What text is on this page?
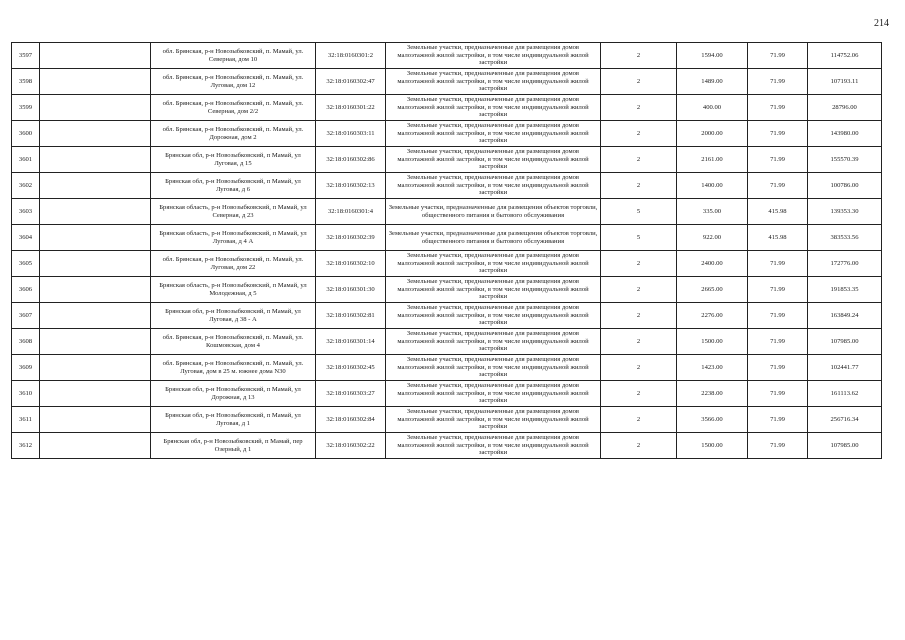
214
3597		обл. Брянская, р-н Новозыбковский, п. Мамай, ул. Северная, дом 10	32:18:0160301:2	Земельные участки, предназначенные для размещения домов малоэтажной жилой застройки, в том числе индивидуальной жилой застройки	2	1594.00	71.99	114752.06
3598		обл. Брянская, р-н Новозыбковский, п. Мамай, ул. Луговая, дом 12	32:18:0160302:47	Земельные участки, предназначенные для размещения домов малоэтажной жилой застройки, в том числе индивидуальной жилой застройки	2	1489.00	71.99	107193.11
3599		обл. Брянская, р-н Новозыбковский, п. Мамай, ул. Северная, дом 2/2	32:18:0160301:22	Земельные участки, предназначенные для размещения домов малоэтажной жилой застройки, в том числе индивидуальной жилой застройки	2	400.00	71.99	28796.00
3600		обл. Брянская, р-н Новозыбковский, п. Мамай, ул. Дорожная, дом 2	32:18:0160303:11	Земельные участки, предназначенные для размещения домов малоэтажной жилой застройки, в том числе индивидуальной жилой застройки	2	2000.00	71.99	143980.00
3601		Брянская обл, р-н Новозыбковский, п Мамай, ул Луговая, д 15	32:18:0160302:86	Земельные участки, предназначенные для размещения домов малоэтажной жилой застройки, в том числе индивидуальной жилой застройки	2	2161.00	71.99	155570.39
3602		Брянская обл, р-н Новозыбковский, п Мамай, ул Луговая, д 6	32:18:0160302:13	Земельные участки, предназначенные для размещения домов малоэтажной жилой застройки, в том числе индивидуальной жилой застройки	2	1400.00	71.99	100786.00
3603		Брянская область, р-н Новозыбковский, п Мамай, ул Северная, д 23	32:18:0160301:4	Земельные участки, предназначенные для размещения объектов торговли, общественного питания и бытового обслуживания	5	335.00	415.98	139353.30
3604		Брянская область, р-н Новозыбковский, п Мамай, ул Луговая, д 4 А	32:18:0160302:39	Земельные участки, предназначенные для размещения объектов торговли, общественного питания и бытового обслуживания	5	922.00	415.98	383533.56
3605		обл. Брянская, р-н Новозыбковский, п. Мамай, ул. Луговая, дом 22	32:18:0160302:10	Земельные участки, предназначенные для размещения домов малоэтажной жилой застройки, в том числе индивидуальной жилой застройки	2	2400.00	71.99	172776.00
3606		Брянская область, р-н Новозыбковский, п Мамай, ул Молодежная, д 5	32:18:0160301:30	Земельные участки, предназначенные для размещения домов малоэтажной жилой застройки, в том числе индивидуальной жилой застройки	2	2665.00	71.99	191853.35
3607		Брянская обл, р-н Новозыбковский, п Мамай, ул Луговая, д 38 - А	32:18:0160302:81	Земельные участки, предназначенные для размещения домов малоэтажной жилой застройки, в том числе индивидуальной жилой застройки	2	2276.00	71.99	163849.24
3608		обл. Брянская, р-н Новозыбковский, п. Мамай, ул. Кошмовская, дом 4	32:18:0160301:14	Земельные участки, предназначенные для размещения домов малоэтажной жилой застройки, в том числе индивидуальной жилой застройки	2	1500.00	71.99	107985.00
3609		обл. Брянская, р-н Новозыбковский, п. Мамай, ул. Луговая, дом в 25 м. южнее дома N30	32:18:0160302:45	Земельные участки, предназначенные для размещения домов малоэтажной жилой застройки, в том числе индивидуальной жилой застройки	2	1423.00	71.99	102441.77
3610		Брянская обл, р-н Новозыбковский, п Мамай, ул Дорожная, д 13	32:18:0160303:27	Земельные участки, предназначенные для размещения домов малоэтажной жилой застройки, в том числе индивидуальной жилой застройки	2	2238.00	71.99	161113.62
3611		Брянская обл, р-н Новозыбковский, п Мамай, ул Луговая, д 1	32:18:0160302:84	Земельные участки, предназначенные для размещения домов малоэтажной жилой застройки, в том числе индивидуальной жилой застройки	2	3566.00	71.99	256716.34
3612		Брянская обл, р-н Новозыбковский, п Мамай, пер Озерный, д 1	32:18:0160302:22	Земельные участки, предназначенные для размещения домов малоэтажной жилой застройки, в том числе индивидуальной жилой застройки	2	1500.00	71.99	107985.00
